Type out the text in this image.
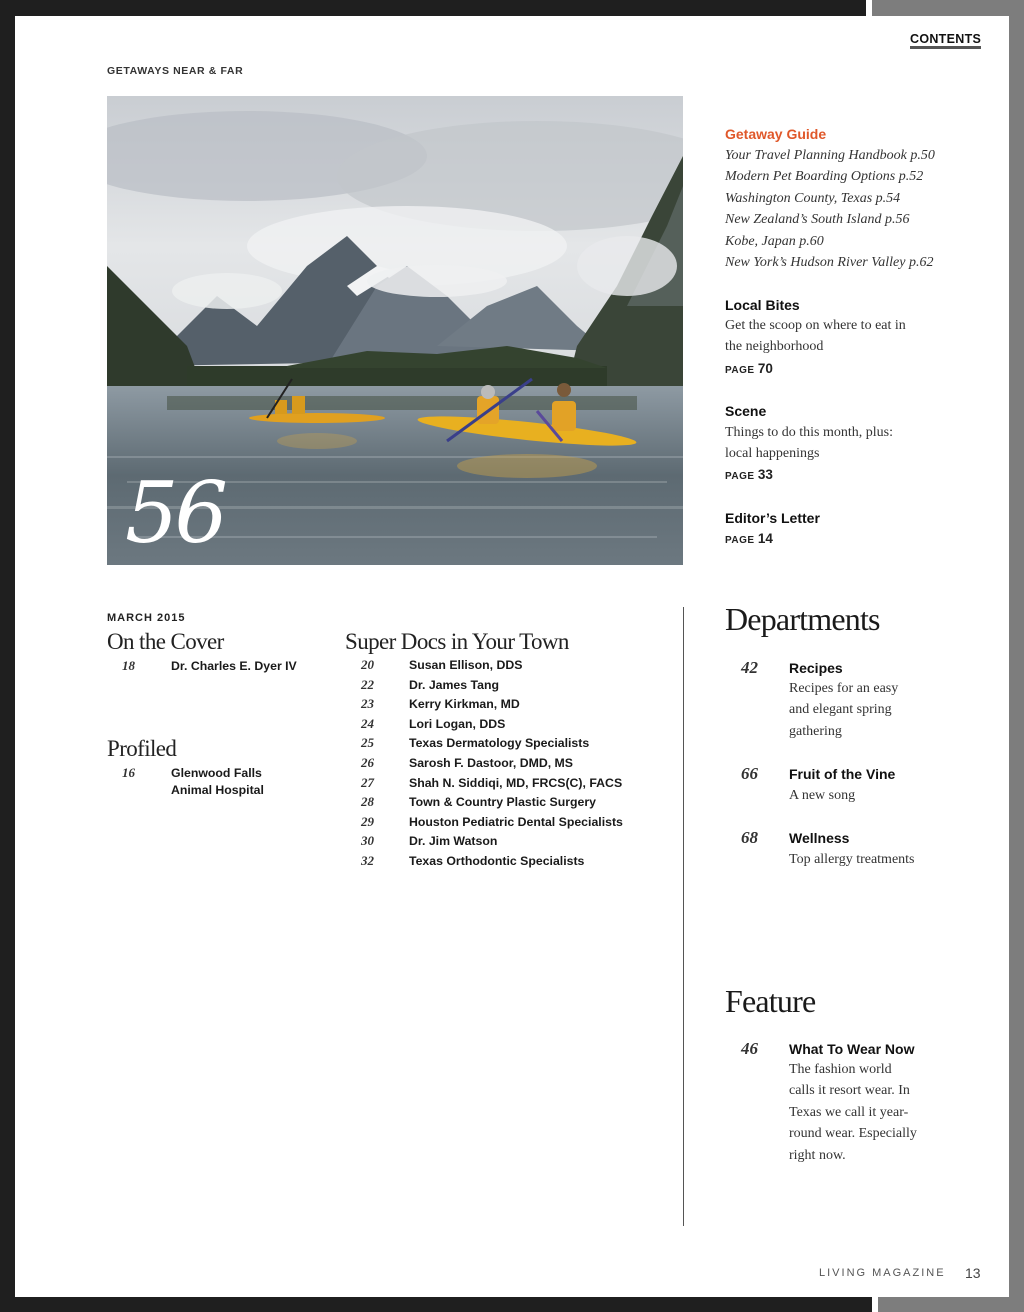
CONTENTS
GETAWAYS NEAR & FAR
56
Getaway Guide
Your Travel Planning Handbook p.50
Modern Pet Boarding Options p.52
Washington County, Texas p.54
New Zealand’s South Island p.56
Kobe, Japan p.60
New York’s Hudson River Valley p.62
Local Bites
Get the scoop on where to eat in
the neighborhood
PAGE 70
Scene
Things to do this month, plus:
local happenings
PAGE 33
Editor’s Letter
PAGE 14
MARCH 2015
On the Cover
18	Dr. Charles E. Dyer IV
Profiled
16	Glenwood Falls
Animal Hospital
Super Docs in Your Town
20	Susan Ellison, DDS
22	Dr. James Tang
23	Kerry Kirkman, MD
24	Lori Logan, DDS
25	Texas Dermatology Specialists
26	Sarosh F. Dastoor, DMD, MS
27	Shah N. Siddiqi, MD, FRCS(C), FACS
28	Town & Country Plastic Surgery
29	Houston Pediatric Dental Specialists
30	Dr. Jim Watson
32	Texas Orthodontic Specialists
Departments
42 Recipes
Recipes for an easy
and elegant spring
gathering
66 Fruit of the Vine
A new song
68 Wellness
Top allergy treatments
Feature
46 What To Wear Now
The fashion world
calls it resort wear. In
Texas we call it year-
round wear. Especially
right now.
LIVING MAGAZINE 13
